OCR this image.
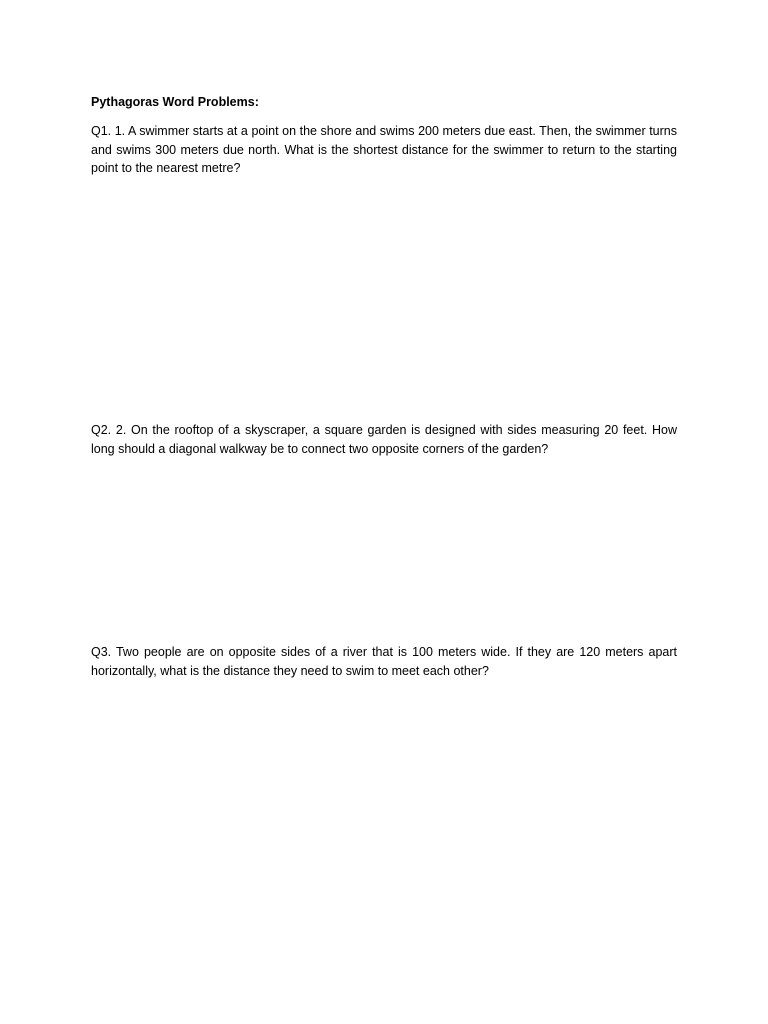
Pythagoras Word Problems:

Q1. 1. A swimmer starts at a point on the shore and swims 200 meters due east. Then, the swimmer turns and swims 300 meters due north. What is the shortest distance for the swimmer to return to the starting point to the nearest metre?

Q2. 2. On the rooftop of a skyscraper, a square garden is designed with sides measuring 20 feet. How long should a diagonal walkway be to connect two opposite corners of the garden?

Q3. Two people are on opposite sides of a river that is 100 meters wide. If they are 120 meters apart horizontally, what is the distance they need to swim to meet each other?
